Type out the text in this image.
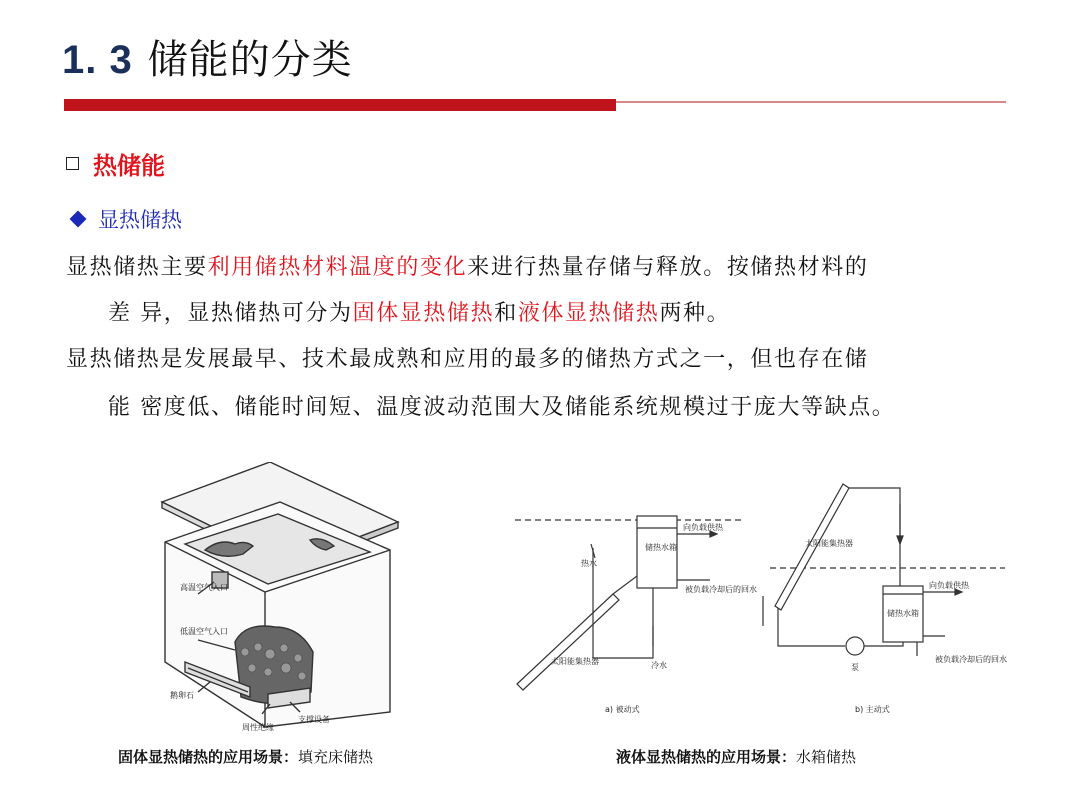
1. 3 储能的分类
热储能
显热储热
显热储热主要利用储热材料温度的变化来进行热量存储与释放。按储热材料的
差 异，显热储热可分为固体显热储热和液体显热储热两种。
显热储热是发展最早、技术最成熟和应用的最多的储热方式之一，但也存在储
能 密度低、储能时间短、温度波动范围大及储能系统规模过于庞大等缺点。
高温空气入口
低温空气入口
鹅卵石
周性绝缘
支撑设备
储热水箱
向负载供热
热水
被负载冷却后的回水
太阳能集热器	冷水
a) 被动式
太阳能集热器
向负载供热
储热水箱
泵
被负载冷却后的回水
b) 主动式
固体显热储热的应用场景：填充床储热	液体显热储热的应用场景：水箱储热
